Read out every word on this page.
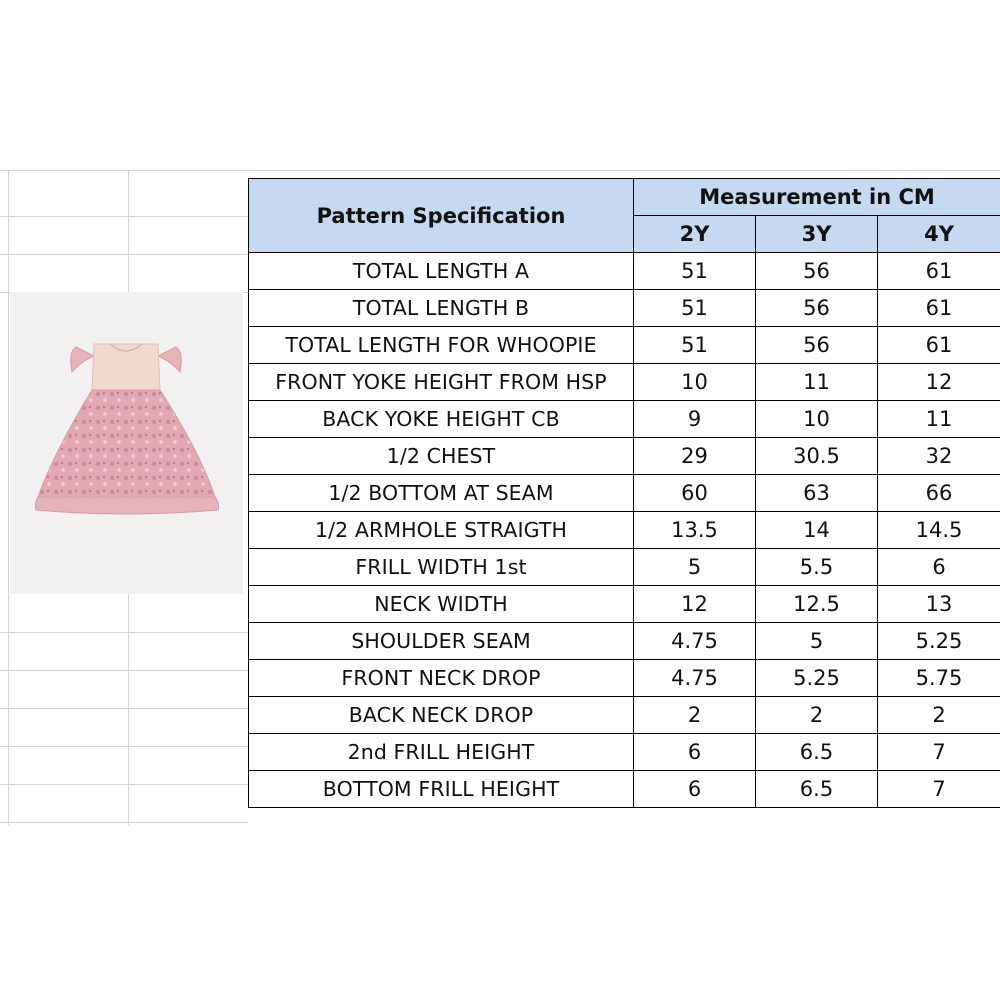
Pattern Specification	Measurement in CM		
	2Y	3Y	4Y
TOTAL LENGTH A	51	56	61
TOTAL LENGTH B	51	56	61
TOTAL LENGTH FOR WHOOPIE	51	56	61
FRONT YOKE HEIGHT FROM HSP	10	11	12
BACK YOKE HEIGHT CB	9	10	11
1/2 CHEST	29	30.5	32
1/2 BOTTOM AT SEAM	60	63	66
1/2 ARMHOLE STRAIGTH	13.5	14	14.5
FRILL WIDTH 1st	5	5.5	6
NECK WIDTH	12	12.5	13
SHOULDER SEAM	4.75	5	5.25
FRONT NECK DROP	4.75	5.25	5.75
BACK NECK DROP	2	2	2
2nd FRILL HEIGHT	6	6.5	7
BOTTOM FRILL HEIGHT	6	6.5	7
